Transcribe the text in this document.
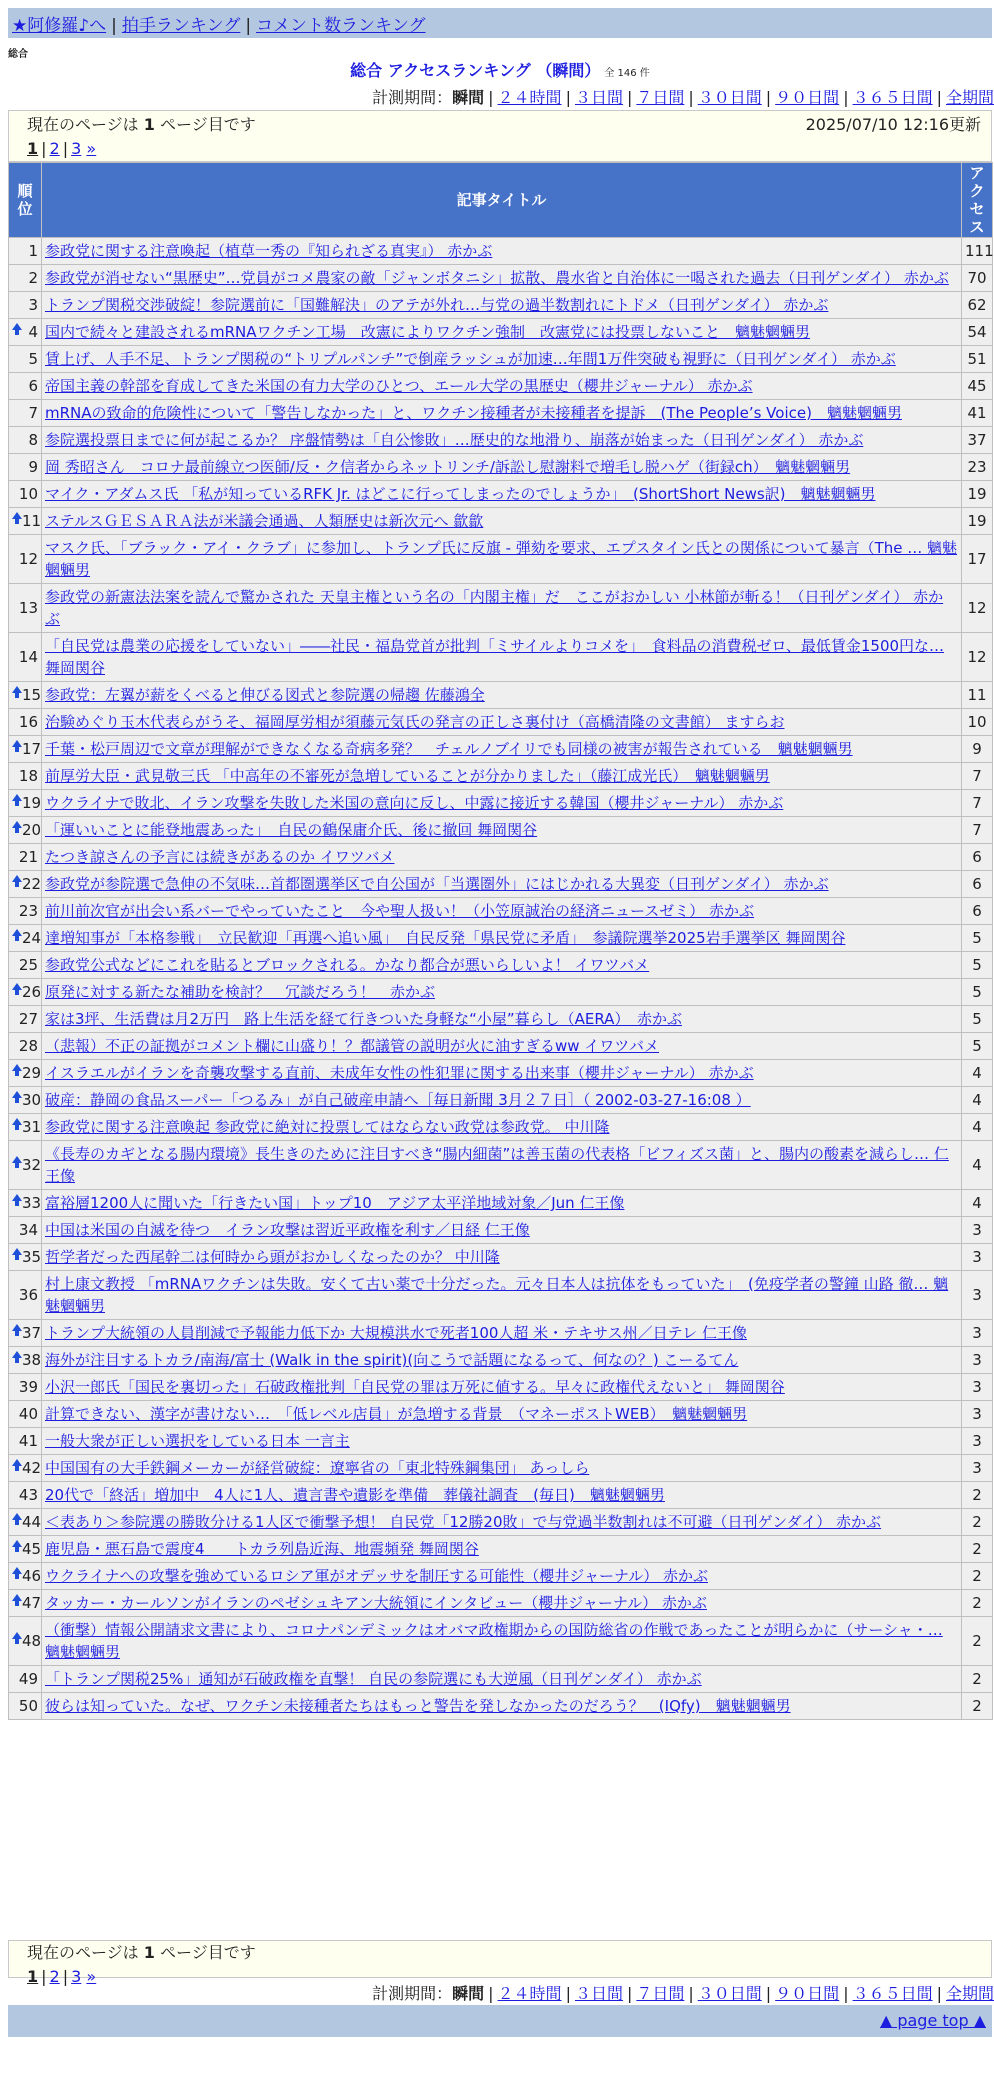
★阿修羅♪へ | 拍手ランキング | コメント数ランキング
総合
総合 アクセスランキング （瞬間） 全 146 件
計測期間：瞬間 | ２４時間 | ３日間 | ７日間 | ３０日間 | ９０日間 | ３６５日間 | 全期間
現在のページは 1 ページ目です	2025/07/10 12:16更新
1 | 2 | 3 »
順位	記事タイトル	アクセス
1	参政党に関する注意喚起（植草一秀の『知られざる真実』） 赤かぶ	111
2	参政党が消せない“黒歴史”…党員がコメ農家の敵「ジャンボタニシ」拡散、農水省と自治体に一喝された過去（日刊ゲンダイ） 赤かぶ	70
3	トランプ関税交渉破綻！参院選前に「国難解決」のアテが外れ…与党の過半数割れにトドメ（日刊ゲンダイ） 赤かぶ	62

4	国内で続々と建設されるmRNAワクチン工場　改憲によりワクチン強制　改憲党には投票しないこと　魑魅魍魎男	54
5	賃上げ、人手不足、トランプ関税の“トリプルパンチ”で倒産ラッシュが加速…年間1万件突破も視野に（日刊ゲンダイ） 赤かぶ	51
6	帝国主義の幹部を育成してきた米国の有力大学のひとつ、エール大学の黒歴史（櫻井ジャーナル） 赤かぶ	45
7	mRNAの致命的危険性について「警告しなかった」と、ワクチン接種者が未接種者を提訴　(The People’s Voice)　魑魅魍魎男	41
8	参院選投票日までに何が起こるか？ 序盤情勢は「自公惨敗」…歴史的な地滑り、崩落が始まった（日刊ゲンダイ） 赤かぶ	37
9	岡 秀昭さん　コロナ最前線立つ医師/反・ク信者からネットリンチ/訴訟し慰謝料で増毛し脱ハゲ（街録ch）　魑魅魍魎男	23
10	マイク・アダムス氏 「私が知っているRFK Jr. はどこに行ってしまったのでしょうか」　(ShortShort News訳)　魑魅魍魎男	19

11	ステルスＧＥＳＡＲＡ法が米議会通過、人類歴史は新次元へ 歙歙	19
12	マスク氏、「ブラック・アイ・クラブ」に参加し、トランプ氏に反旗 - 弾劾を要求、エプスタイン氏との関係について暴言（The … 魑魅魍魎男	17
13	参政党の新憲法法案を読んで驚かされた 天皇主権という名の「内閣主権」だ　ここがおかしい 小林節が斬る！（日刊ゲンダイ） 赤かぶ	12
14	「自民党は農業の応援をしていない」――社民・福島党首が批判「ミサイルよりコメを」　食料品の消費税ゼロ、最低賃金1500円な… 舞岡関谷	12

15	参政党：左翼が薪をくべると伸びる図式と参院選の帰趨 佐藤鴻全	11
16	治験めぐり玉木代表らがうそ、福岡厚労相が須藤元気氏の発言の正しさ裏付け（高橋清隆の文書館） ますらお	10

17	千葉・松戸周辺で文章が理解ができなくなる奇病多発？　チェルノブイリでも同様の被害が報告されている　魑魅魍魎男	9
18	前厚労大臣・武見敬三氏 「中高年の不審死が急増していることが分かりました」（藤江成光氏）　魑魅魍魎男	7

19	ウクライナで敗北、イラン攻撃を失敗した米国の意向に反し、中露に接近する韓国（櫻井ジャーナル） 赤かぶ	7

20	「運いいことに能登地震あった」　自民の鶴保庸介氏、後に撤回 舞岡関谷	7
21	たつき諒さんの予言には続きがあるのか イワツバメ	6

22	参政党が参院選で急伸の不気味…首都圏選挙区で自公国が「当選圏外」にはじかれる大異変（日刊ゲンダイ） 赤かぶ	6
23	前川前次官が出会い系バーでやっていたこと　今や聖人扱い！（小笠原誠治の経済ニュースゼミ） 赤かぶ	6

24	達増知事が「本格参戦」　立民歓迎「再選へ追い風」　自民反発「県民党に矛盾」　参議院選挙2025岩手選挙区 舞岡関谷	5
25	参政党公式などにこれを貼るとブロックされる。かなり都合が悪いらしいよ！ イワツバメ	5

26	原発に対する新たな補助を検討？　冗談だろう！　赤かぶ	5
27	家は3坪、生活費は月2万円　路上生活を経て行きついた身軽な“小屋”暮らし（AERA）　赤かぶ	5
28	（悲報）不正の証拠がコメント欄に山盛り！？都議管の説明が火に油すぎるww イワツバメ	5

29	イスラエルがイランを奇襲攻撃する直前、未成年女性の性犯罪に関する出来事（櫻井ジャーナル） 赤かぶ	4

30	破産：静岡の食品スーパー「つるみ」が自己破産申請へ［毎日新聞 3月２７日］（ 2002-03-27-16:08 ）	4

31	参政党に関する注意喚起 参政党に絶対に投票してはならない政党は参政党。 中川隆	4

32	《長寿のカギとなる腸内環境》長生きのために注目すべき“腸内細菌”は善玉菌の代表格「ビフィズス菌」と、腸内の酸素を減らし… 仁王像	4

33	富裕層1200人に聞いた「行きたい国」トップ10　アジア太平洋地域対象／Jun 仁王像	4
34	中国は米国の自滅を待つ　イラン攻撃は習近平政権を利す／日経 仁王像	3

35	哲学者だった西尾幹二は何時から頭がおかしくなったのか？ 中川隆	3
36	村上康文教授 「mRNAワクチンは失敗。安くて古い薬で十分だった。元々日本人は抗体をもっていた」　(免疫学者の警鐘 山路 徹… 魑魅魍魎男	3

37	トランプ大統領の人員削減で予報能力低下か 大規模洪水で死者100人超 米・テキサス州／日テレ 仁王像	3

38	海外が注目するトカラ/南海/富士 (Walk in the spirit)(向こうで話題になるって、何なの？) こーるてん	3
39	小沢一郎氏「国民を裏切った」石破政権批判「自民党の罪は万死に値する。早々に政権代えないと」 舞岡関谷	3
40	計算できない、漢字が書けない…　「低レベル店員」が急増する背景　（マネーポストWEB）　魑魅魍魎男	3
41	一般大衆が正しい選択をしている日本 一言主	3

42	中国国有の大手鉄鋼メーカーが経営破綻：遼寧省の「東北特殊鋼集団」 あっしら	3
43	20代で「終活」増加中　4人に1人、遺言書や遺影を準備　葬儀社調査　(毎日)　魑魅魍魎男	2

44	＜表あり＞参院選の勝敗分ける1人区で衝撃予想！ 自民党「12勝20敗」で与党過半数割れは不可避（日刊ゲンダイ） 赤かぶ	2

45	鹿児島・悪石島で震度4　　トカラ列島近海、地震頻発 舞岡関谷	2

46	ウクライナへの攻撃を強めているロシア軍がオデッサを制圧する可能性（櫻井ジャーナル） 赤かぶ	2

47	タッカー・カールソンがイランのペゼシュキアン大統領にインタビュー（櫻井ジャーナル） 赤かぶ	2

48	（衝撃）情報公開請求文書により、コロナパンデミックはオバマ政権期からの国防総省の作戦であったことが明らかに（サーシャ・… 魑魅魍魎男	2
49	「トランプ関税25%」通知が石破政権を直撃！ 自民の参院選にも大逆風（日刊ゲンダイ） 赤かぶ	2
50	彼らは知っていた。なぜ、ワクチン未接種者たちはもっと警告を発しなかったのだろう？　(IQfy)　魑魅魍魎男	2
現在のページは 1 ページ目です
1 | 2 | 3 »
計測期間：瞬間 | ２４時間 | ３日間 | ７日間 | ３０日間 | ９０日間 | ３６５日間 | 全期間
▲ page top ▲
